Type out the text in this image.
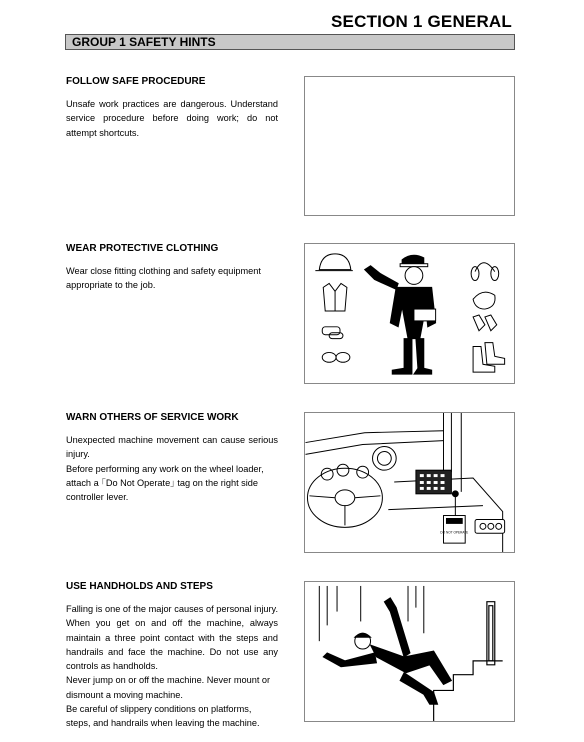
SECTION 1 GENERAL
GROUP 1 SAFETY HINTS
FOLLOW SAFE PROCEDURE

Unsafe work practices are dangerous. Understand service procedure before doing work; do not attempt shortcuts.

WEAR PROTECTIVE CLOTHING

Wear close fitting clothing and safety equipment appropriate to the job.

WARN OTHERS OF SERVICE WORK

Unexpected machine movement can cause serious injury.

Before performing any work on the wheel loader, attach a ｢Do Not Operate｣ tag on the right side controller lever.

DO NOT OPERATE
USE HANDHOLDS AND STEPS

Falling is one of the major causes of personal injury. When you get on and off the machine, always maintain a three point contact with the steps and handrails and face the machine. Do not use any controls as handholds.

Never jump on or off the machine. Never mount or dismount a moving machine.

Be careful of slippery conditions on platforms, steps, and handrails when leaving the machine.
